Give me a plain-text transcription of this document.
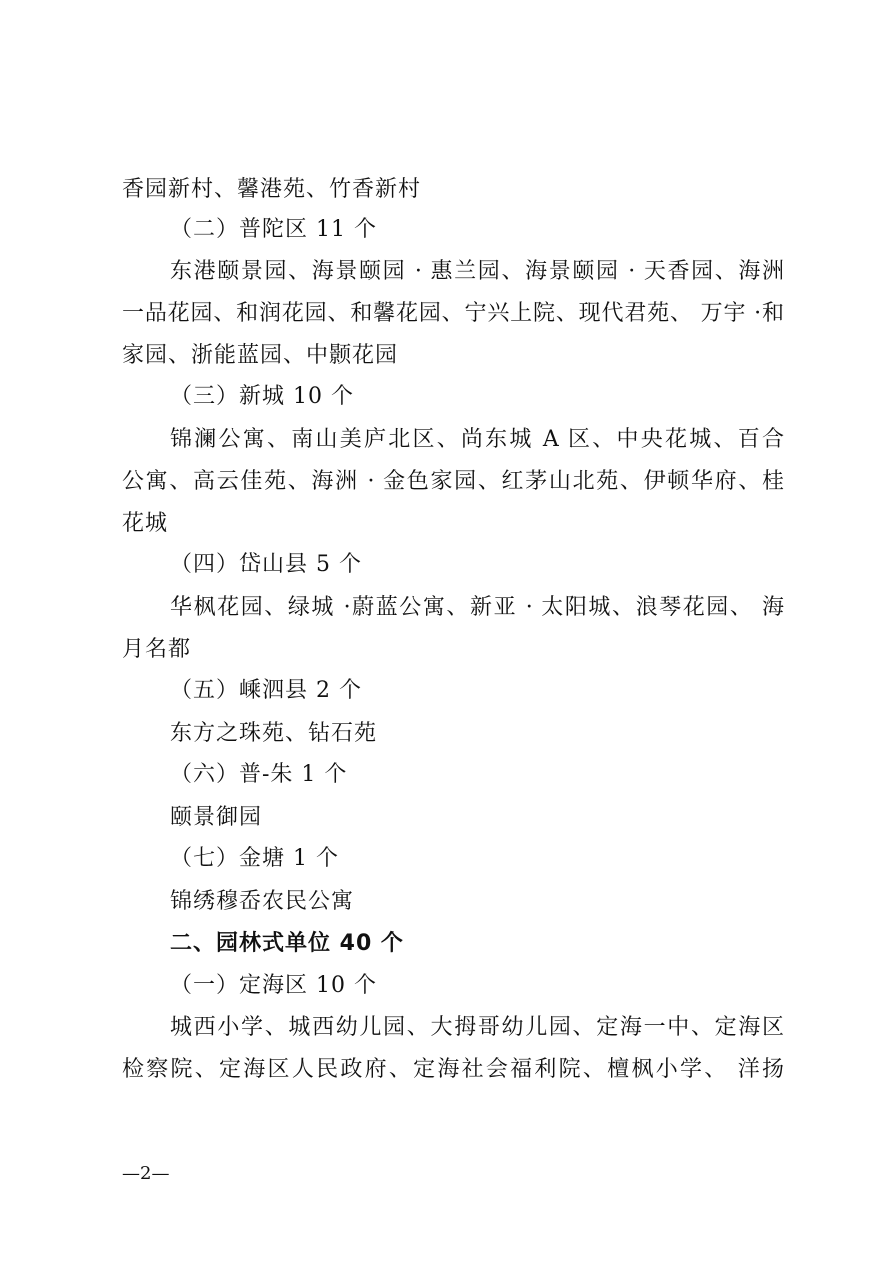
香园新村、馨港苑、竹香新村
（二）普陀区 11 个
东港颐景园、海景颐园 · 惠兰园、海景颐园 · 天香园、海洲
一品花园、和润花园、和馨花园、宁兴上院、现代君苑、 万宇 ·和
家园、浙能蓝园、中颢花园
（三）新城 10 个
锦澜公寓、南山美庐北区、尚东城 A 区、中央花城、百合
公寓、高云佳苑、海洲 · 金色家园、红茅山北苑、伊顿华府、桂
花城
（四）岱山县 5 个
华枫花园、绿城 ·蔚蓝公寓、新亚 · 太阳城、浪琴花园、 海
月名都
（五）嵊泗县 2 个
东方之珠苑、钻石苑
（六）普-朱 1 个
颐景御园
（七）金塘 1 个
锦绣穆岙农民公寓
二、园林式单位 40 个
（一）定海区 10 个
城西小学、城西幼儿园、大拇哥幼儿园、定海一中、定海区
检察院、定海区人民政府、定海社会福利院、檀枫小学、 洋扬
—2—
